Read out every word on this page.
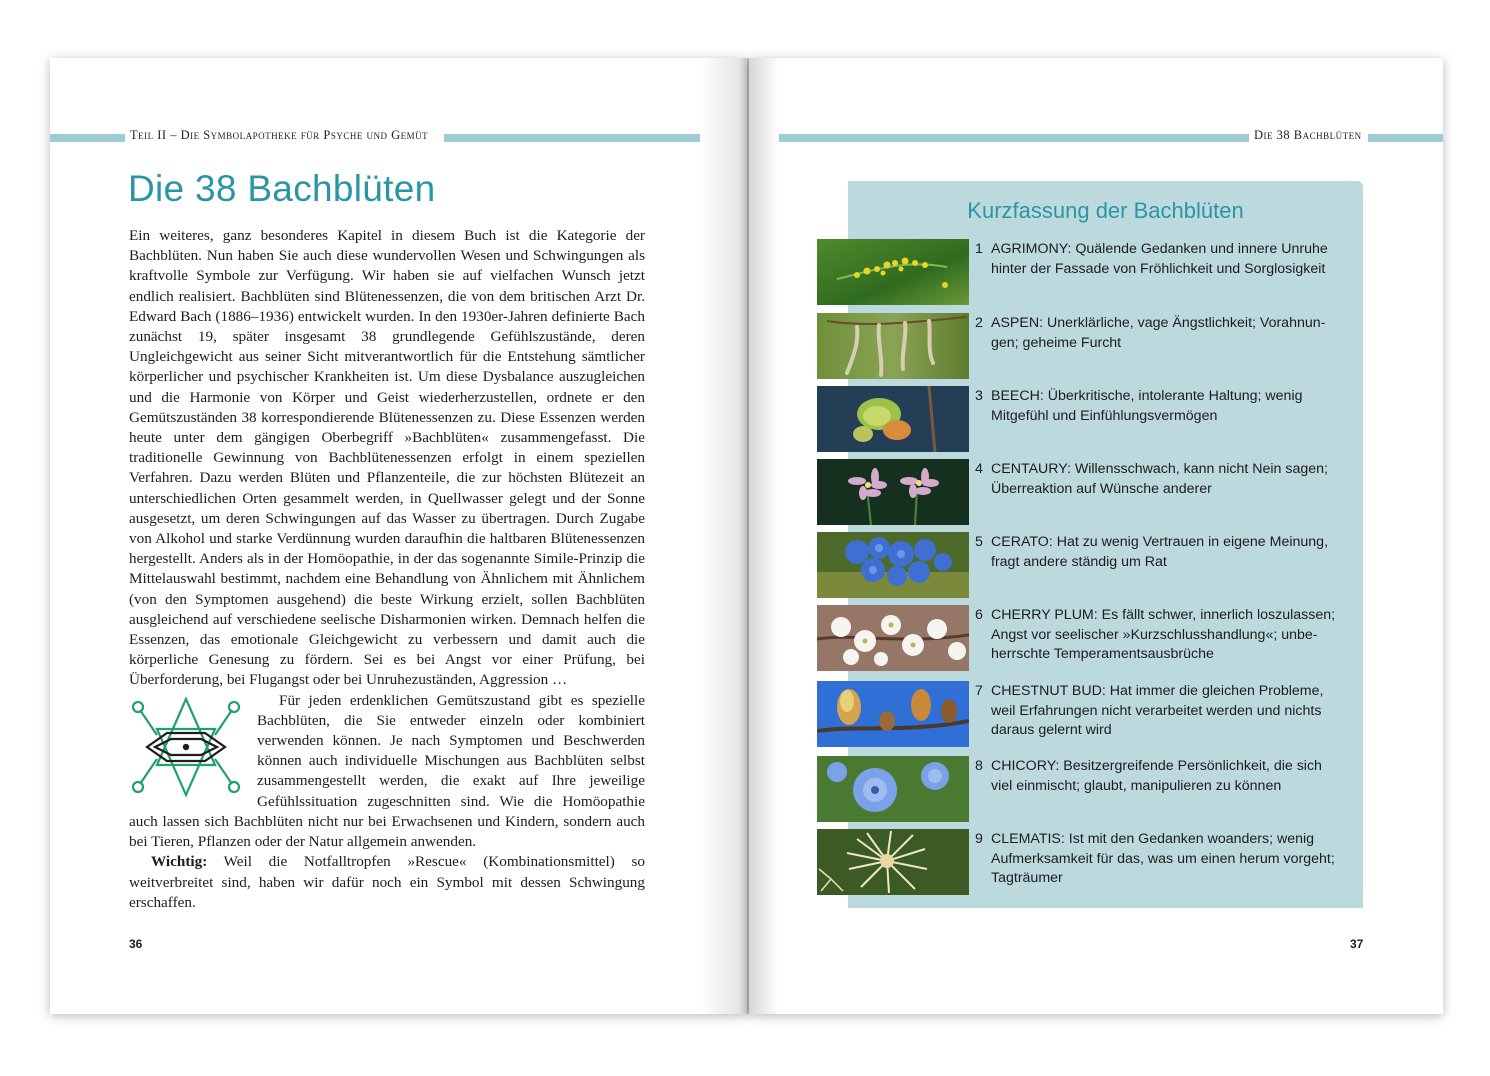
Teil II – Die Symbolapotheke für Psyche und Gemüt	Die 38 Bachblüten
Die 38 Bachblüten

Ein weiteres, ganz besonderes Kapitel in diesem Buch ist die Kategorie der Bachblüten. Nun haben Sie auch diese wundervollen Wesen und Schwingungen als kraftvolle Symbole zur Verfügung. Wir haben sie auf vielfachen Wunsch jetzt endlich realisiert. Bachblüten sind Blütenessenzen, die von dem britischen Arzt Dr. Edward Bach (1886–1936) entwickelt wurden. In den 1930er-Jahren definierte Bach zunächst 19, später insgesamt 38 grundlegende Gefühlszustände, deren Ungleichgewicht aus seiner Sicht mitverantwortlich für die Entstehung sämtlicher körperlicher und psychischer Krankheiten ist. Um diese Dysbalance auszugleichen und die Harmonie von Körper und Geist wiederherzustellen, ordnete er den Gemütszuständen 38 korrespondierende Blütenessenzen zu. Diese Essenzen werden heute unter dem gängigen Oberbegriff »Bachblüten« zusammengefasst. Die traditionelle Gewinnung von Bachblütenessenzen erfolgt in einem speziellen Verfahren. Dazu werden Blüten und Pflanzenteile, die zur höchsten Blütezeit an unterschiedlichen Orten gesammelt werden, in Quellwasser gelegt und der Sonne ausgesetzt, um deren Schwingungen auf das Wasser zu übertragen. Durch Zugabe von Alkohol und starke Verdünnung wurden daraufhin die haltbaren Blütenessenzen hergestellt. Anders als in der Homöopathie, in der das sogenannte Simile-Prinzip die Mittelauswahl bestimmt, nachdem eine Behandlung von Ähnlichem mit Ähnlichem (von den Symptomen ausgehend) die beste Wirkung erzielt, sollen Bachblüten ausgleichend auf verschiedene seelische Disharmonien wirken. Demnach helfen die Essenzen, das emotionale Gleichgewicht zu verbessern und damit auch die körperliche Genesung zu fördern. Sei es bei Angst vor einer Prüfung, bei Überforderung, bei Flugangst oder bei Unruhezuständen, Aggression …

Für jeden erdenklichen Gemütszustand gibt es spezielle Bachblüten, die Sie entweder einzeln oder kombiniert verwenden können. Je nach Symptomen und Beschwerden können auch individuelle Mischungen aus Bachblüten selbst zusammengestellt werden, die exakt auf Ihre jeweilige Gefühlssituation zugeschnitten sind. Wie die Homöopathie auch lassen sich Bachblüten nicht nur bei Erwachsenen und Kindern, sondern auch bei Tieren, Pflanzen oder der Natur allgemein anwenden.

Wichtig: Weil die Notfalltropfen »Rescue« (Kombinationsmittel) so weitverbreitet sind, haben wir dafür noch ein Symbol mit dessen Schwingung erschaffen.

36
Kurzfassung der Bachblüten
1 AGRIMONY: Quälende Gedanken und innere Unruhe
hinter der Fassade von Fröhlichkeit und Sorglosigkeit
2 ASPEN: Unerklärliche, vage Ängstlichkeit; Vorahnun-
gen; geheime Furcht
3 BEECH: Überkritische, intolerante Haltung; wenig
Mitgefühl und Einfühlungsvermögen
4 CENTAURY: Willensschwach, kann nicht Nein sagen;
Überreaktion auf Wünsche anderer
5 CERATO: Hat zu wenig Vertrauen in eigene Meinung,
fragt andere ständig um Rat
6 CHERRY PLUM: Es fällt schwer, innerlich loszulassen;
Angst vor seelischer »Kurzschlusshandlung«; unbe-
herrschte Temperamentsausbrüche
7 CHESTNUT BUD: Hat immer die gleichen Probleme,
weil Erfahrungen nicht verarbeitet werden und nichts
daraus gelernt wird
8 CHICORY: Besitzergreifende Persönlichkeit, die sich
viel einmischt; glaubt, manipulieren zu können
9 CLEMATIS: Ist mit den Gedanken woanders; wenig
Aufmerksamkeit für das, was um einen herum vorgeht;
Tagträumer
37
